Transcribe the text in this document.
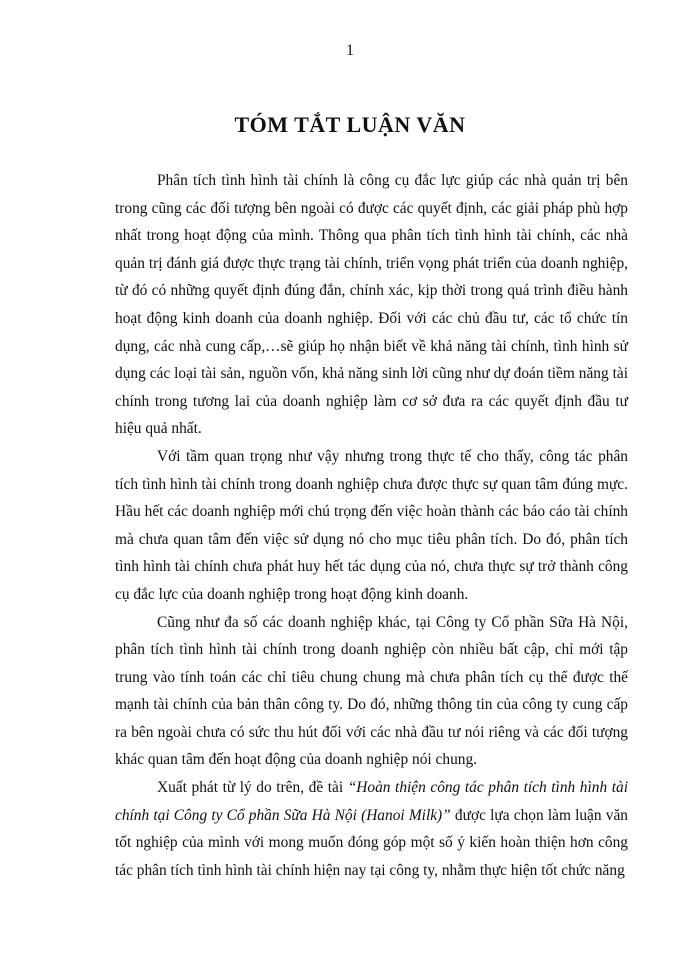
1
TÓM TẮT LUẬN VĂN

Phân tích tình hình tài chính là công cụ đắc lực giúp các nhà quản trị bên trong cũng các đối tượng bên ngoài có được các quyết định, các giải pháp phù hợp nhất trong hoạt động của mình. Thông qua phân tích tình hình tài chính, các nhà quản trị đánh giá được thực trạng tài chính, triển vọng phát triển của doanh nghiệp, từ đó có những quyết định đúng đắn, chính xác, kịp thời trong quá trình điều hành hoạt động kinh doanh của doanh nghiệp. Đối với các chủ đầu tư, các tổ chức tín dụng, các nhà cung cấp,…sẽ giúp họ nhận biết về khả năng tài chính, tình hình sử dụng các loại tài sản, nguồn vốn, khả năng sinh lời cũng như dự đoán tiềm năng tài chính trong tương lai của doanh nghiệp làm cơ sở đưa ra các quyết định đầu tư hiệu quả nhất.

Với tầm quan trọng như vậy nhưng trong thực tế cho thấy, công tác phân tích tình hình tài chính trong doanh nghiệp chưa được thực sự quan tâm đúng mực. Hầu hết các doanh nghiệp mới chú trọng đến việc hoàn thành các báo cáo tài chính mà chưa quan tâm đến việc sử dụng nó cho mục tiêu phân tích. Do đó, phân tích tình hình tài chính chưa phát huy hết tác dụng của nó, chưa thực sự trở thành công cụ đắc lực của doanh nghiệp trong hoạt động kinh doanh.

Cũng như đa số các doanh nghiệp khác, tại Công ty Cổ phần Sữa Hà Nội, phân tích tình hình tài chính trong doanh nghiệp còn nhiều bất cập, chỉ mới tập trung vào tính toán các chỉ tiêu chung chung mà chưa phân tích cụ thể được thế mạnh tài chính của bản thân công ty. Do đó, những thông tin của công ty cung cấp ra bên ngoài chưa có sức thu hút đối với các nhà đầu tư nói riêng và các đối tượng khác quan tâm đến hoạt động của doanh nghiệp nói chung.

Xuất phát từ lý do trên, đề tài “Hoàn thiện công tác phân tích tình hình tài chính tại Công ty Cổ phần Sữa Hà Nội (Hanoi Milk)” được lựa chọn làm luận văn tốt nghiệp của mình với mong muốn đóng góp một số ý kiến hoàn thiện hơn công tác phân tích tình hình tài chính hiện nay tại công ty, nhằm thực hiện tốt chức năng
